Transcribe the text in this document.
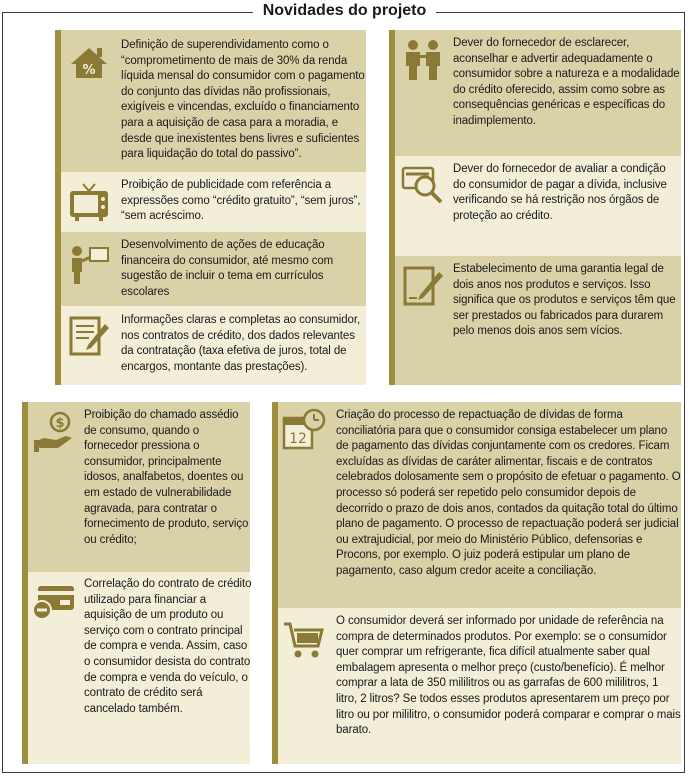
Novidades do projeto
%
Definição de superendividamento como o “comprometimento de mais de 30% da renda líquida mensal do consumidor com o pagamento do conjunto das dívidas não profissionais, exigíveis e vincendas, excluído o financiamento para a aquisição de casa para a moradia, e desde que inexistentes bens livres e suficientes para liquidação do total do passivo”.
Proibição de publicidade com referência a expressões como “crédito gratuito”, “sem juros”, “sem acréscimo.
Desenvolvimento de ações de educação financeira do consumidor, até mesmo com sugestão de incluir o tema em currículos escolares
Informações claras e completas ao consumidor, nos contratos de crédito, dos dados relevantes da contratação (taxa efetiva de juros, total de encargos, montante das prestações).
Dever do fornecedor de esclarecer, aconselhar e advertir adequadamente o consumidor sobre a natureza e a modalidade do crédito oferecido, assim como sobre as consequências genéricas e específicas do inadimplemento.
Dever do fornecedor de avaliar a condição do consumidor de pagar a dívida, inclusive verificando se há restrição nos órgãos de proteção ao crédito.
Estabelecimento de uma garantia legal de dois anos nos produtos e serviços. Isso significa que os produtos e serviços têm que ser prestados ou fabricados para durarem pelo menos dois anos sem vícios.
$
Proibição do chamado assédio de consumo, quando o fornecedor pressiona o consumidor, principalmente idosos, analfabetos, doentes ou em estado de vulnerabilidade agravada, para contratar o fornecimento de produto, serviço ou crédito;
Correlação do contrato de crédito utilizado para financiar a aquisição de um produto ou serviço com o contrato principal de compra e venda. Assim, caso o consumidor desista do contrato de compra e venda do veículo, o contrato de crédito será cancelado também.
12
Criação do processo de repactuação de dívidas de forma conciliatória para que o consumidor consiga estabelecer um plano de pagamento das dívidas conjuntamente com os credores. Ficam excluídas as dívidas de caráter alimentar, fiscais e de contratos celebrados dolosamente sem o propósito de efetuar o pagamento. O processo só poderá ser repetido pelo consumidor depois de decorrido o prazo de dois anos, contados da quitação total do último plano de pagamento. O processo de repactuação poderá ser judicial ou extrajudicial, por meio do Ministério Público, defensorias e Procons, por exemplo. O juiz poderá estipular um plano de pagamento, caso algum credor aceite a conciliação.
O consumidor deverá ser informado por unidade de referência na compra de determinados produtos. Por exemplo: se o consumidor quer comprar um refrigerante, fica difícil atualmente saber qual embalagem apresenta o melhor preço (custo/benefício). É melhor comprar a lata de 350 mililitros ou as garrafas de 600 mililitros, 1 litro, 2 litros? Se todos esses produtos apresentarem um preço por litro ou por mililitro, o consumidor poderá comparar e comprar o mais barato.
